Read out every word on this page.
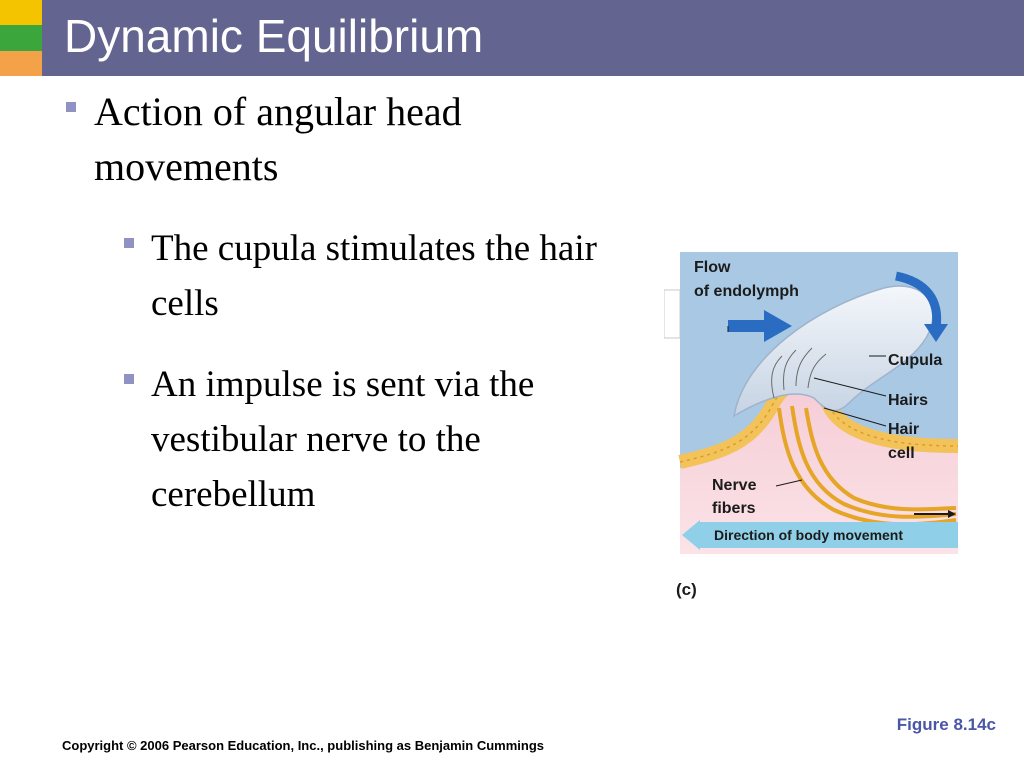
Dynamic Equilibrium
Action of angular head movements
The cupula stimulates the hair cells
An impulse is sent via the vestibular nerve to the cerebellum
Flow
of endolymph
Cupula
Hairs
Hair
cell
Nerve
fibers
Direction of body movement
(c)
Figure 8.14c
Copyright © 2006 Pearson Education, Inc., publishing as Benjamin Cummings
